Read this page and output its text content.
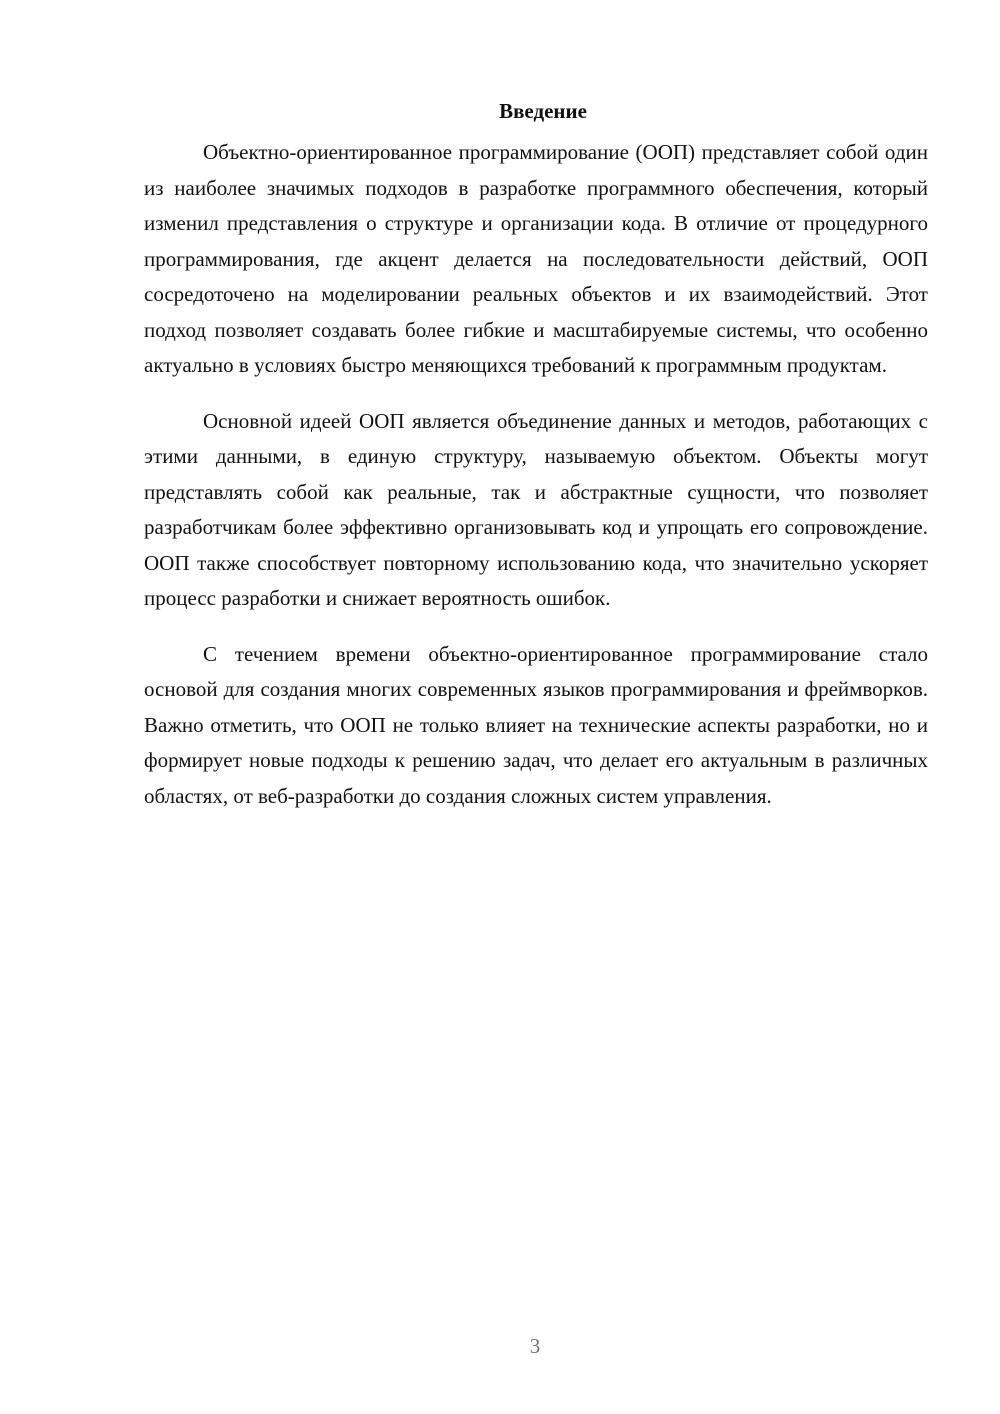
Введение

Объектно-ориентированное программирование (ООП) представляет собой один из наиболее значимых подходов в разработке программного обеспечения, который изменил представления о структуре и организации кода. В отличие от процедурного программирования, где акцент делается на последовательности действий, ООП сосредоточено на моделировании реальных объектов и их взаимодействий. Этот подход позволяет создавать более гибкие и масштабируемые системы, что особенно актуально в условиях быстро меняющихся требований к программным продуктам.

Основной идеей ООП является объединение данных и методов, работающих с этими данными, в единую структуру, называемую объектом. Объекты могут представлять собой как реальные, так и абстрактные сущности, что позволяет разработчикам более эффективно организовывать код и упрощать его сопровождение. ООП также способствует повторному использованию кода, что значительно ускоряет процесс разработки и снижает вероятность ошибок.

С течением времени объектно-ориентированное программирование стало основой для создания многих современных языков программирования и фреймворков. Важно отметить, что ООП не только влияет на технические аспекты разработки, но и формирует новые подходы к решению задач, что делает его актуальным в различных областях, от веб-разработки до создания сложных систем управления.

3
